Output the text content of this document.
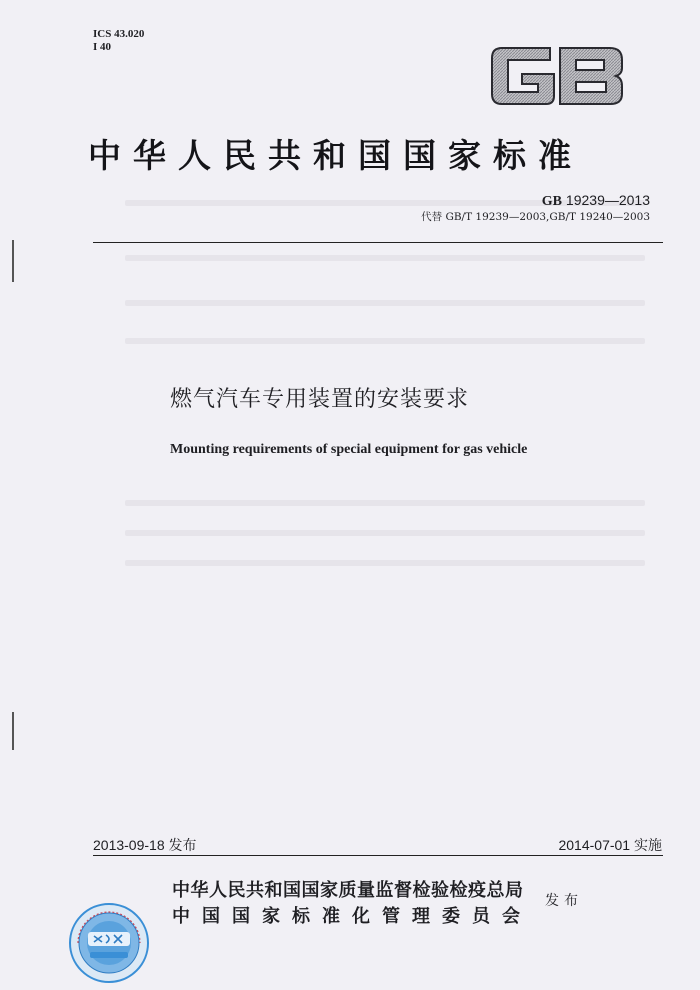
ICS 43.020
I 40
中华人民共和国国家标准
GB 19239—2013
代替 GB/T 19239—2003,GB/T 19240—2003
燃气汽车专用装置的安装要求
Mounting requirements of special equipment for gas vehicle
2013-09-18 发布	2014-07-01 实施
中华人民共和国国家质量监督检验检疫总局
中国国家标准化管理委员会
发布
